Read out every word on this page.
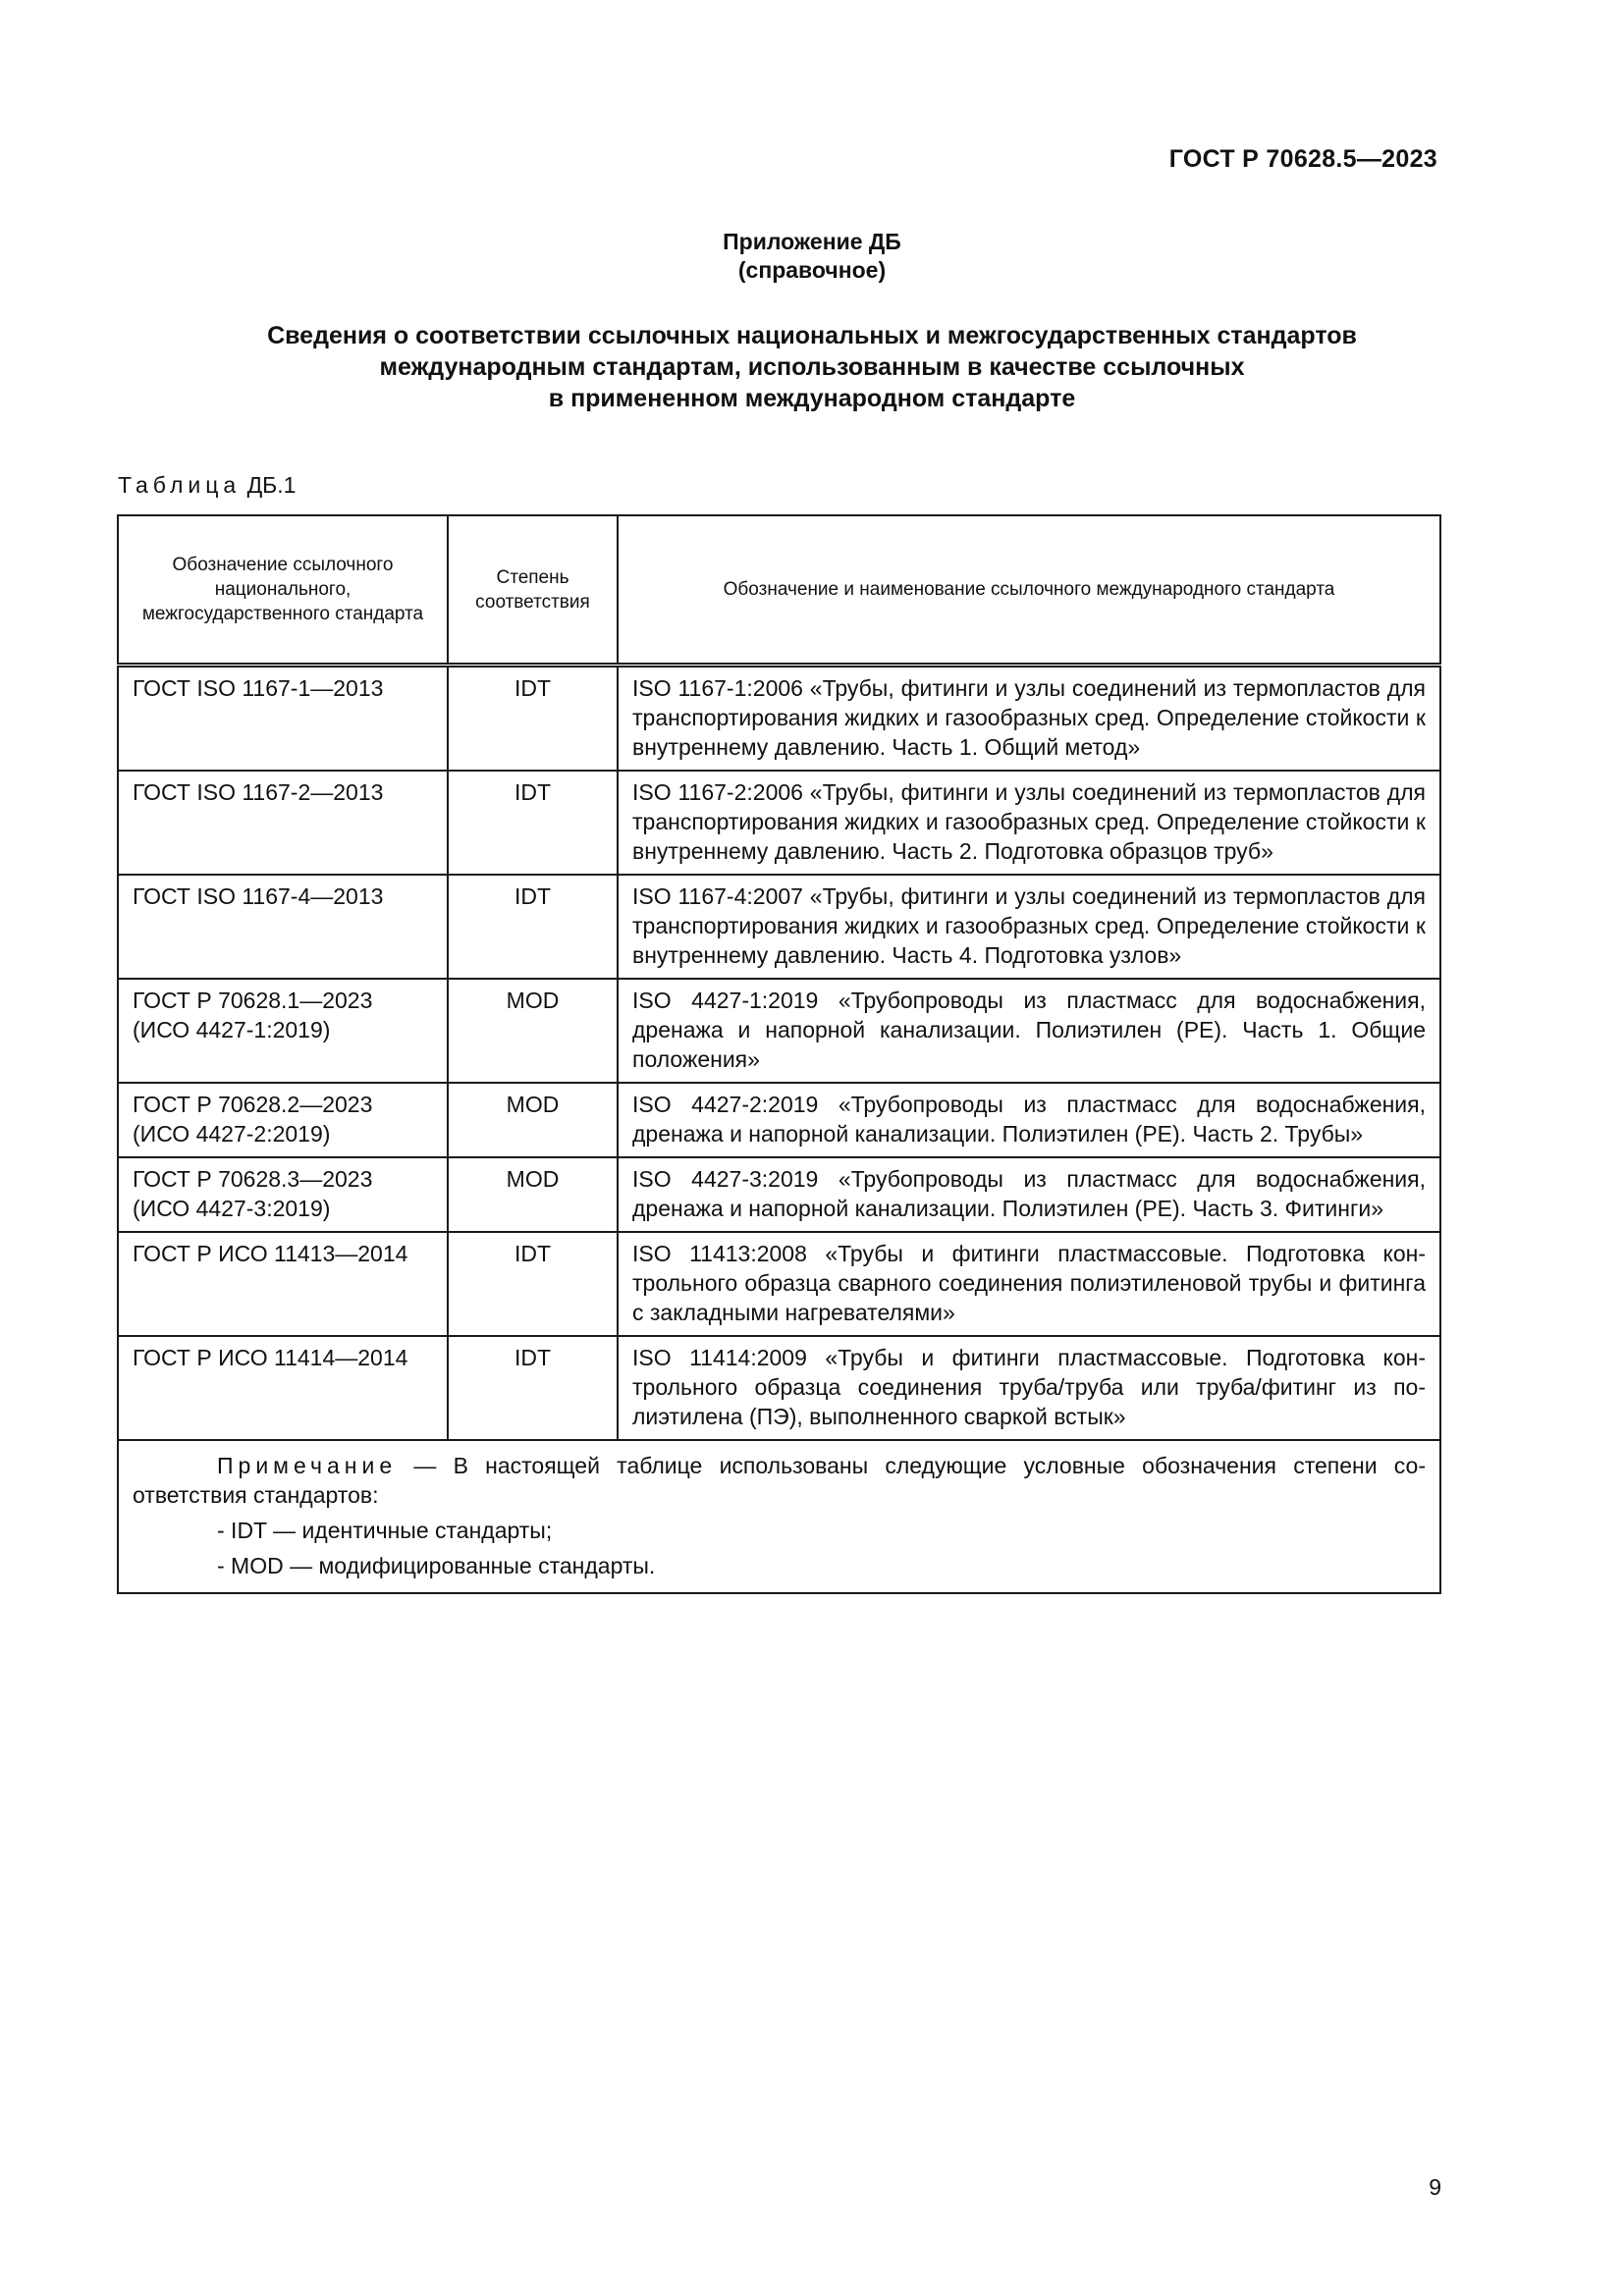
ГОСТ Р 70628.5—2023
Приложение ДБ
(справочное)
Сведения о соответствии ссылочных национальных и межгосударственных стандартов
международным стандартам, использованным в качестве ссылочных
в примененном международном стандарте
Таблица ДБ.1
Обозначение ссылочного национального, межгосударственного стандарта	Степень соответствия	Обозначение и наименование ссылочного международного стандарта
ГОСТ ISO 1167-1—2013	IDT	ISO 1167-1:2006 «Трубы, фитинги и узлы соединений из термопластов для транспортирования жидких и газообразных сред. Определение стойкости к внутреннему давлению. Часть 1. Общий метод»
ГОСТ ISO 1167-2—2013	IDT	ISO 1167-2:2006 «Трубы, фитинги и узлы соединений из термопластов для транспортирования жидких и газообразных сред. Определение стойкости к внутреннему давлению. Часть 2. Подготовка образцов труб»
ГОСТ ISO 1167-4—2013	IDT	ISO 1167-4:2007 «Трубы, фитинги и узлы соединений из термопластов для транспортирования жидких и газообразных сред. Определение стойкости к внутреннему давлению. Часть 4. Подготовка узлов»
ГОСТ Р 70628.1—2023 (ИСО 4427-1:2019)	MOD	ISO 4427-1:2019 «Трубопроводы из пластмасс для водоснабжения, дренажа и напорной канализации. Полиэтилен (PE). Часть 1. Общие положения»
ГОСТ Р 70628.2—2023 (ИСО 4427-2:2019)	MOD	ISO 4427-2:2019 «Трубопроводы из пластмасс для водоснабжения, дренажа и напорной канализации. Полиэтилен (PE). Часть 2. Трубы»
ГОСТ Р 70628.3—2023 (ИСО 4427-3:2019)	MOD	ISO 4427-3:2019 «Трубопроводы из пластмасс для водоснабжения, дренажа и напорной канализации. Полиэтилен (PE). Часть 3. Фитинги»
ГОСТ Р ИСО 11413—2014	IDT	ISO 11413:2008 «Трубы и фитинги пластмассовые. Подготовка контрольного образца сварного соединения полиэтиленовой трубы и фитинга с закладными нагревателями»
ГОСТ Р ИСО 11414—2014	IDT	ISO 11414:2009 «Трубы и фитинги пластмассовые. Подготовка контрольного образца соединения труба/труба или труба/фитинг из полиэтилена (ПЭ), выполненного сваркой встык»

Примечание — В настоящей таблице использованы следующие условные обозначения степени соответствия стандартов:
- IDT — идентичные стандарты;
- MOD — модифицированные стандарты.		
9
